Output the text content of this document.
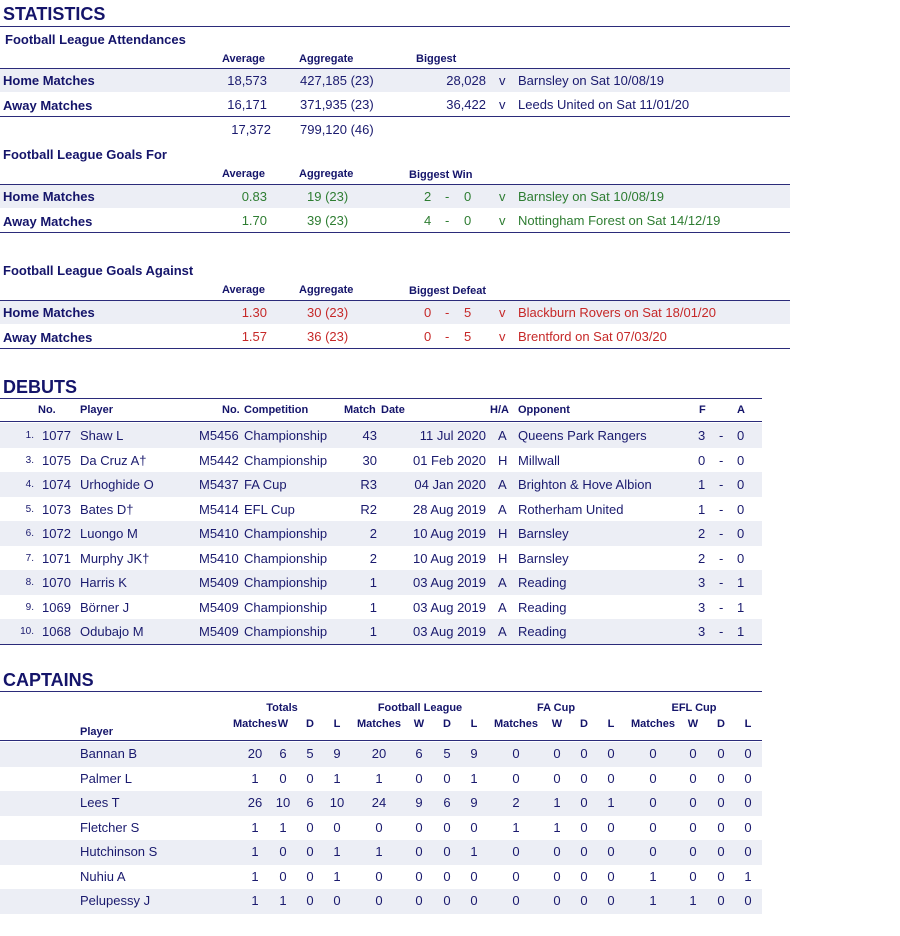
STATISTICS
Football League Attendances
Average	Aggregate	Biggest
Home Matches	18,573	427,185 (23)	28,028 v Barnsley on Sat 10/08/19
Away Matches	16,171	371,935 (23)	36,422 v Leeds United on Sat 11/01/20
17,372 799,120 (46)
Football League Goals For
Average	Aggregate	Biggest Win
Home Matches	0.83	19 (23)	2 - 0 v Barnsley on Sat 10/08/19
Away Matches	1.70	39 (23)	4 - 0 v Nottingham Forest on Sat 14/12/19
Football League Goals Against
Average	Aggregate	Biggest Defeat
Home Matches	1.30	30 (23)	0 - 5 v Blackburn Rovers on Sat 18/01/20
Away Matches	1.57	36 (23)	0 - 5 v Brentford on Sat 07/03/20
DEBUTS
No. Player	No. Competition	Match Date	H/A Opponent	F	A
1. 1077 Shaw L	M5456 Championship	43	11 Jul 2020 A Queens Park Rangers	3 - 0
3. 1075 Da Cruz A†	M5442 Championship	30	01 Feb 2020 H Millwall	0 - 0
4. 1074 Urhoghide O	M5437 FA Cup	R3	04 Jan 2020 A Brighton & Hove Albion	1 - 0
5. 1073 Bates D†	M5414 EFL Cup	R2	28 Aug 2019 A Rotherham United	1 - 0
6. 1072 Luongo M	M5410 Championship	2	10 Aug 2019 H Barnsley	2 - 0
7. 1071 Murphy JK†	M5410 Championship	2	10 Aug 2019 H Barnsley	2 - 0
8. 1070 Harris K	M5409 Championship	1	03 Aug 2019 A Reading	3 - 1
9. 1069 Börner J	M5409 Championship	1	03 Aug 2019 A Reading	3 - 1
10. 1068 Odubajo M	M5409 Championship	1	03 Aug 2019 A Reading	3 - 1
CAPTAINS
Totals	Football League	FA Cup	EFL Cup
Player
Matches W	D	L	Matches	W	D	L	Matches	W	D	L	Matches	W	D	L
Bannan B	20	6	5	9	20	6	5	9	0	0	0	0	0	0	0	0
Palmer L	1	0	0	1	1	0	0	1	0	0	0	0	0	0	0	0
Lees T	26	10	6	10	24	9	6	9	2	1	0	1	0	0	0	0
Fletcher S	1	1	0	0	0	0	0	0	1	1	0	0	0	0	0	0
Hutchinson S	1	0	0	1	1	0	0	1	0	0	0	0	0	0	0	0
Nuhiu A	1	0	0	1	0	0	0	0	0	0	0	0	1	0	0	1
Pelupessy J	1	1	0	0	0	0	0	0	0	0	0	0	1	1	0	0
